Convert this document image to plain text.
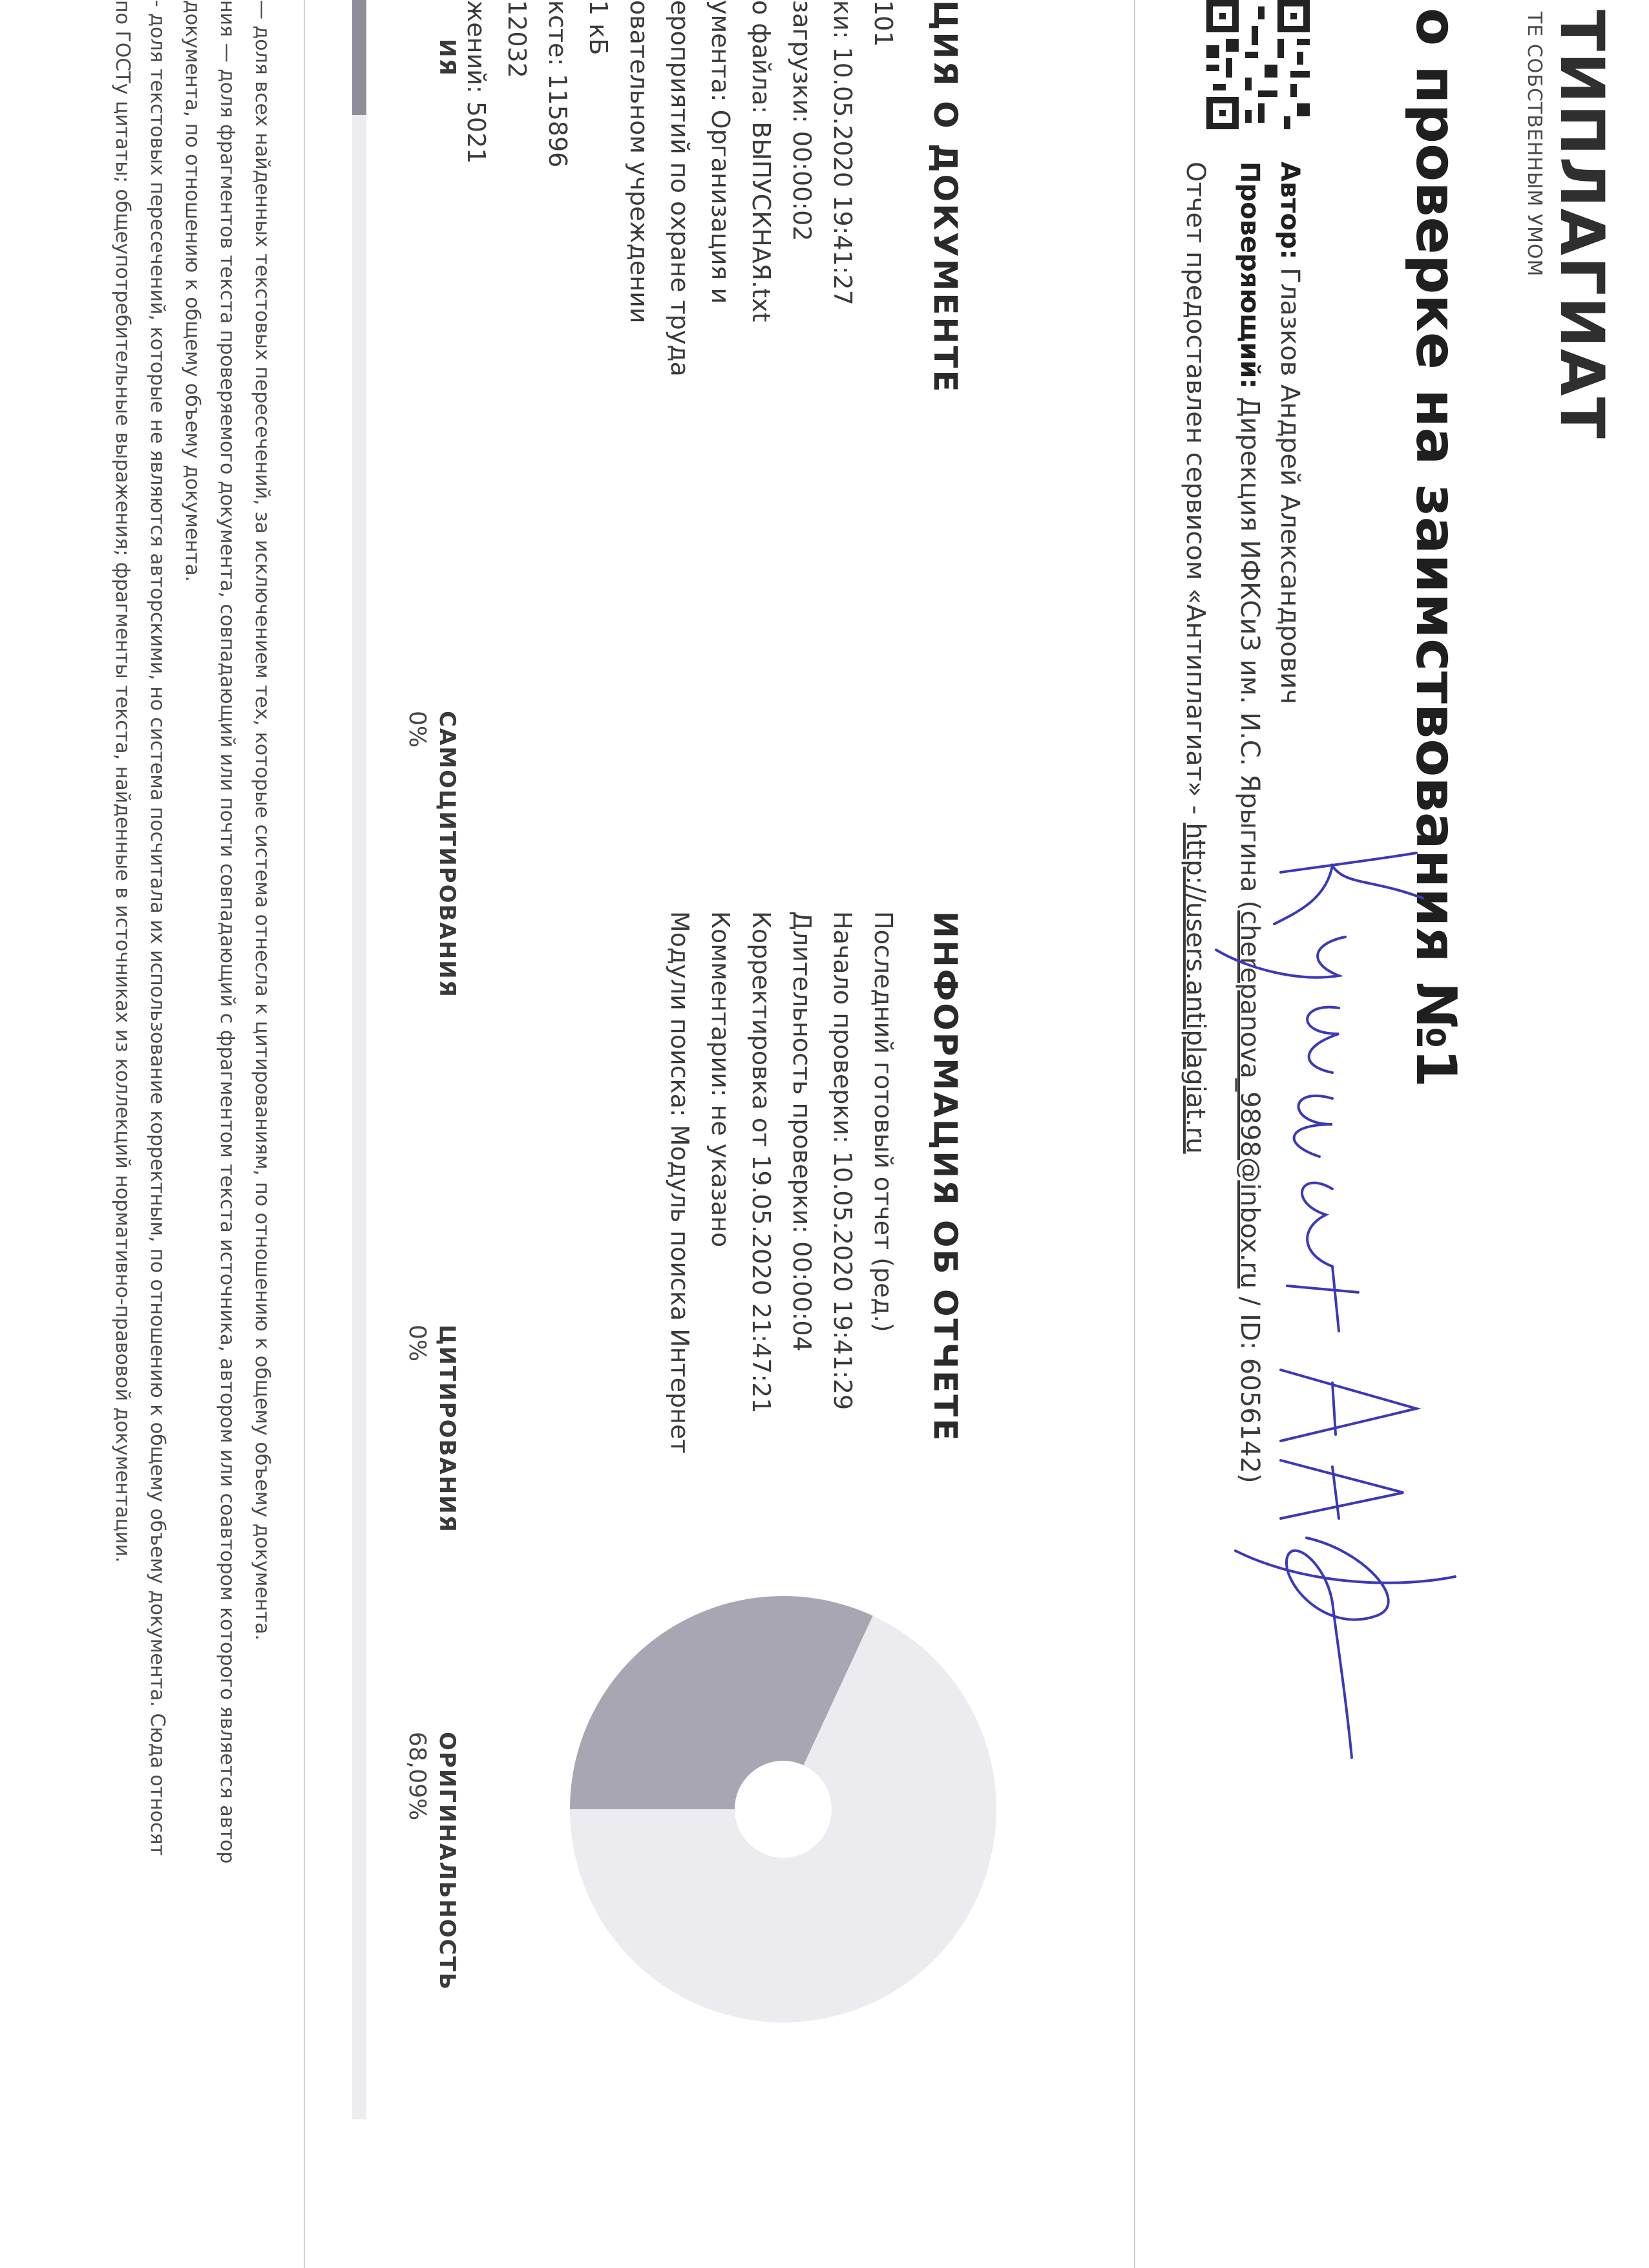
ТИПЛАГИАТ
ТЕ СОБСТВЕННЫМ УМОМ
о проверке на заимствования №1
Автор: Глазков Андрей Александрович
Проверяющий: Дирекция ИФКСиЗ им. И.С. Ярыгина (cherepanova_9898@inbox.ru / ID: 6056142)
Отчет предоставлен сервисом «Антиплагиат» - http://users.antiplagiat.ru
ЦИЯ О ДОКУМЕНТЕ
101
ки: 10.05.2020 19:41:27
загрузки: 00:00:02
о файла: ВЫПУСКНАЯ.txt
умента: Организация и
ероприятий по охране труда
овательном учреждении
1 кБ
ксте: 115896
12032
жений: 5021
ИНФОРМАЦИЯ ОБ ОТЧЕТЕ
Последний готовый отчет (ред.)
Начало проверки: 10.05.2020 19:41:29
Длительность проверки: 00:00:04
Корректировка от 19.05.2020 21:47:21
Комментарии: не указано
Модули поиска: Модуль поиска Интернет
ИЯ
САМОЦИТИРОВАНИЯ
0%
ЦИТИРОВАНИЯ
0%
ОРИГИНАЛЬНОСТЬ
68,09%
— доля всех найденных текстовых пересечений, за исключением тех, которые система отнесла к цитированиям, по отношению к общему объему документа.
ния — доля фрагментов текста проверяемого документа, совпадающий или почти совпадающий с фрагментом текста источника, автором или соавтором которого является автор
документа, по отношению к общему объему документа.
- доля текстовых пересечений, которые не являются авторскими, но система посчитала их использование корректным, по отношению к общему объему документа. Сюда относят
по ГОСТу цитаты; общеупотребительные выражения; фрагменты текста, найденные в источниках из коллекций нормативно-правовой документации.
